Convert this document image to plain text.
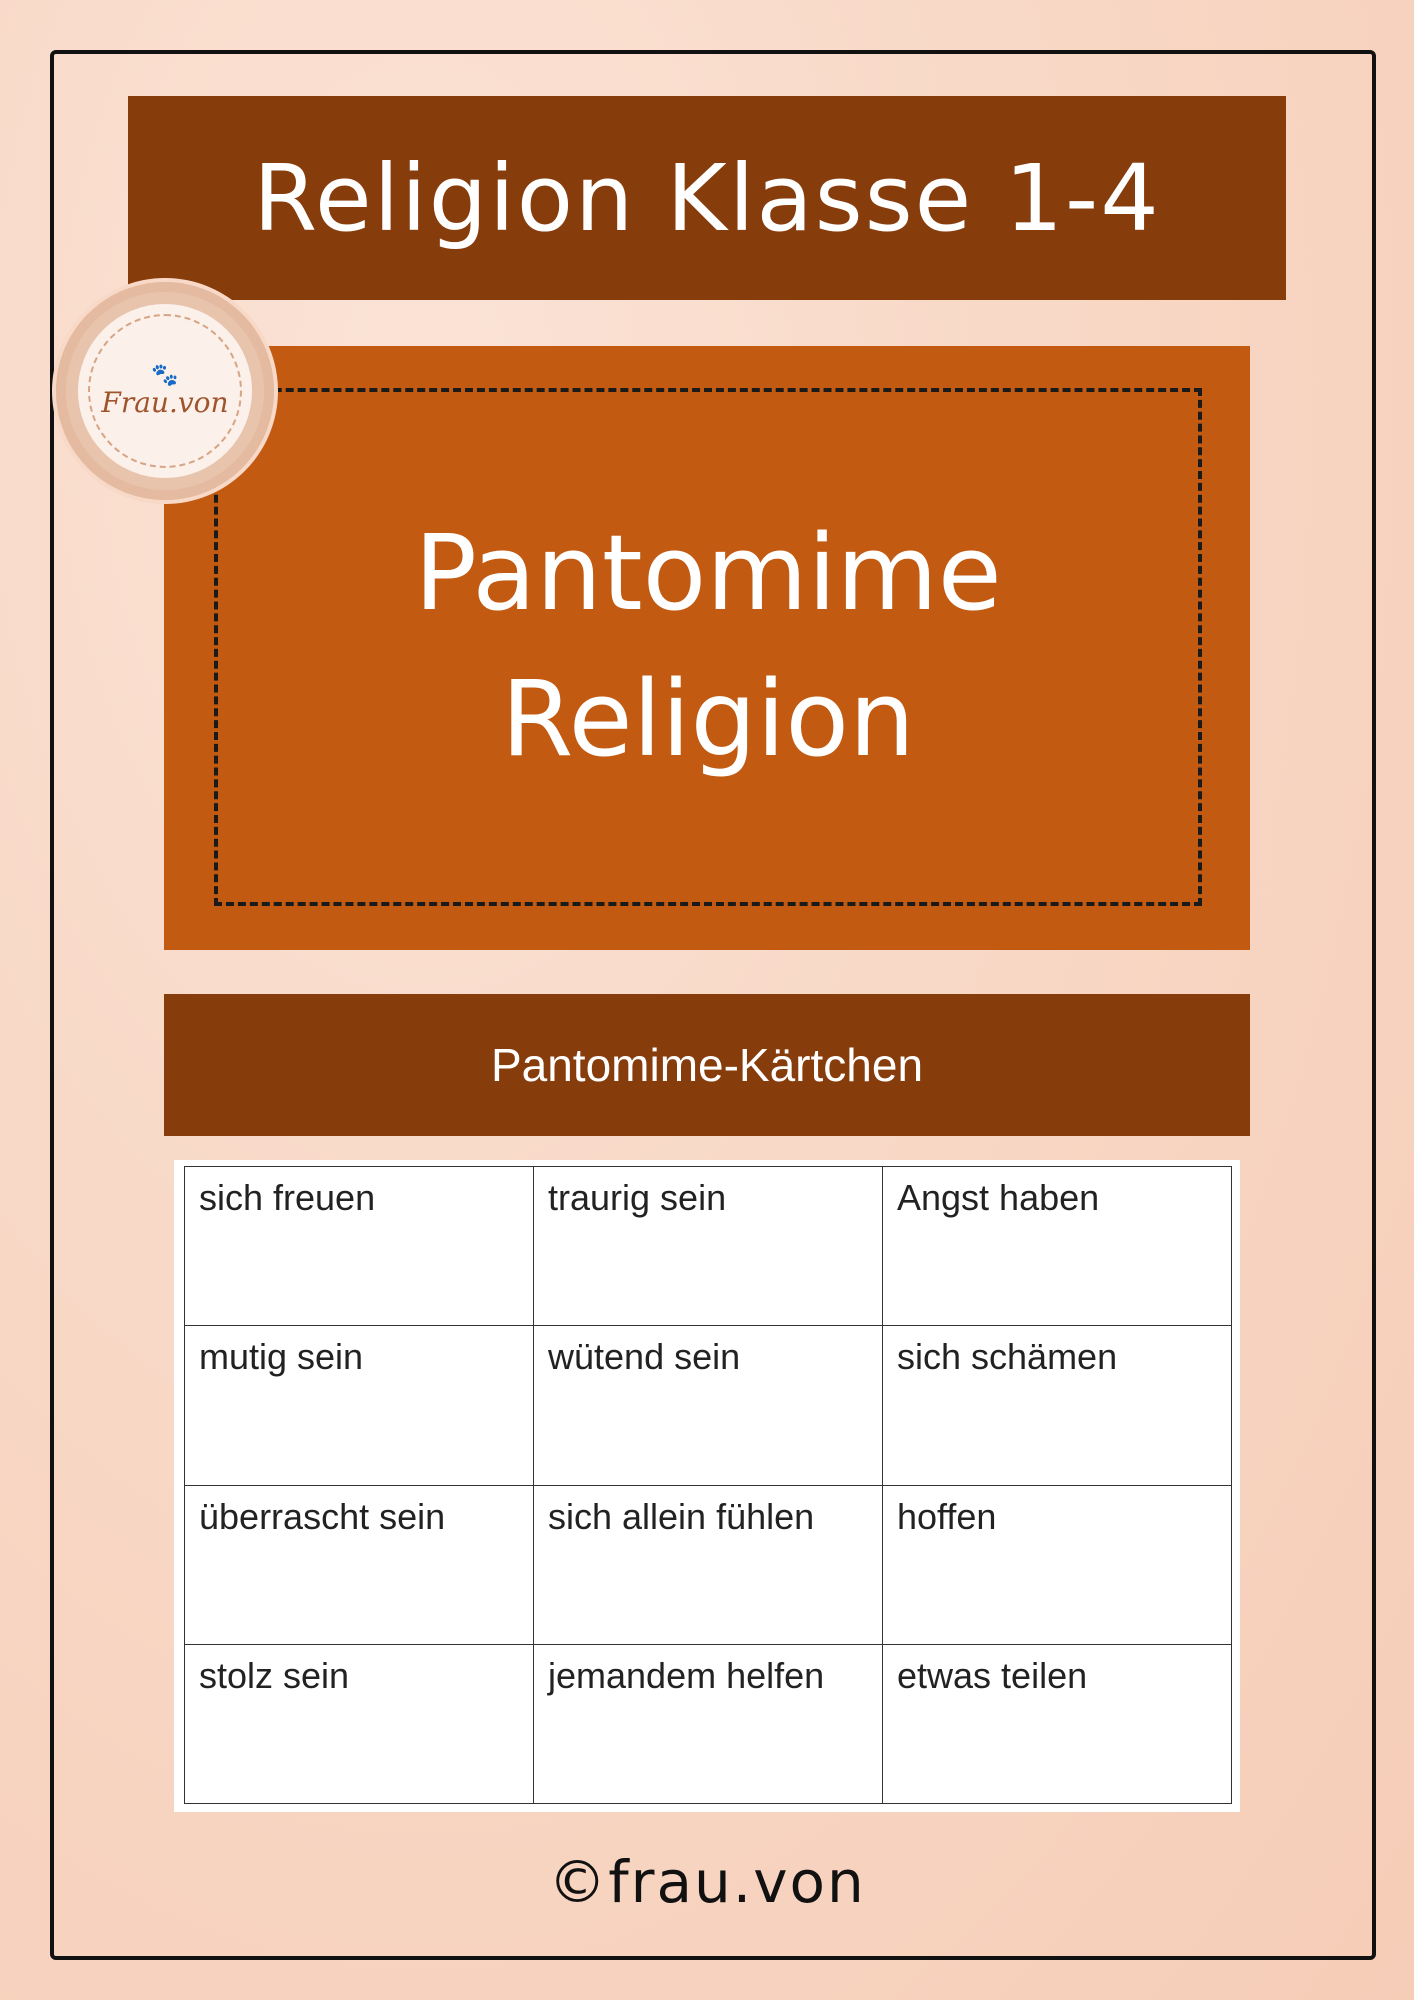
Religion Klasse 1-4
Pantomime
Religion
🐾
Frau.von
Pantomime-Kärtchen
sich freuen	traurig sein	Angst haben
mutig sein	wütend sein	sich schämen
überrascht sein	sich allein fühlen	hoffen
stolz sein	jemandem helfen	etwas teilen
©frau.von
